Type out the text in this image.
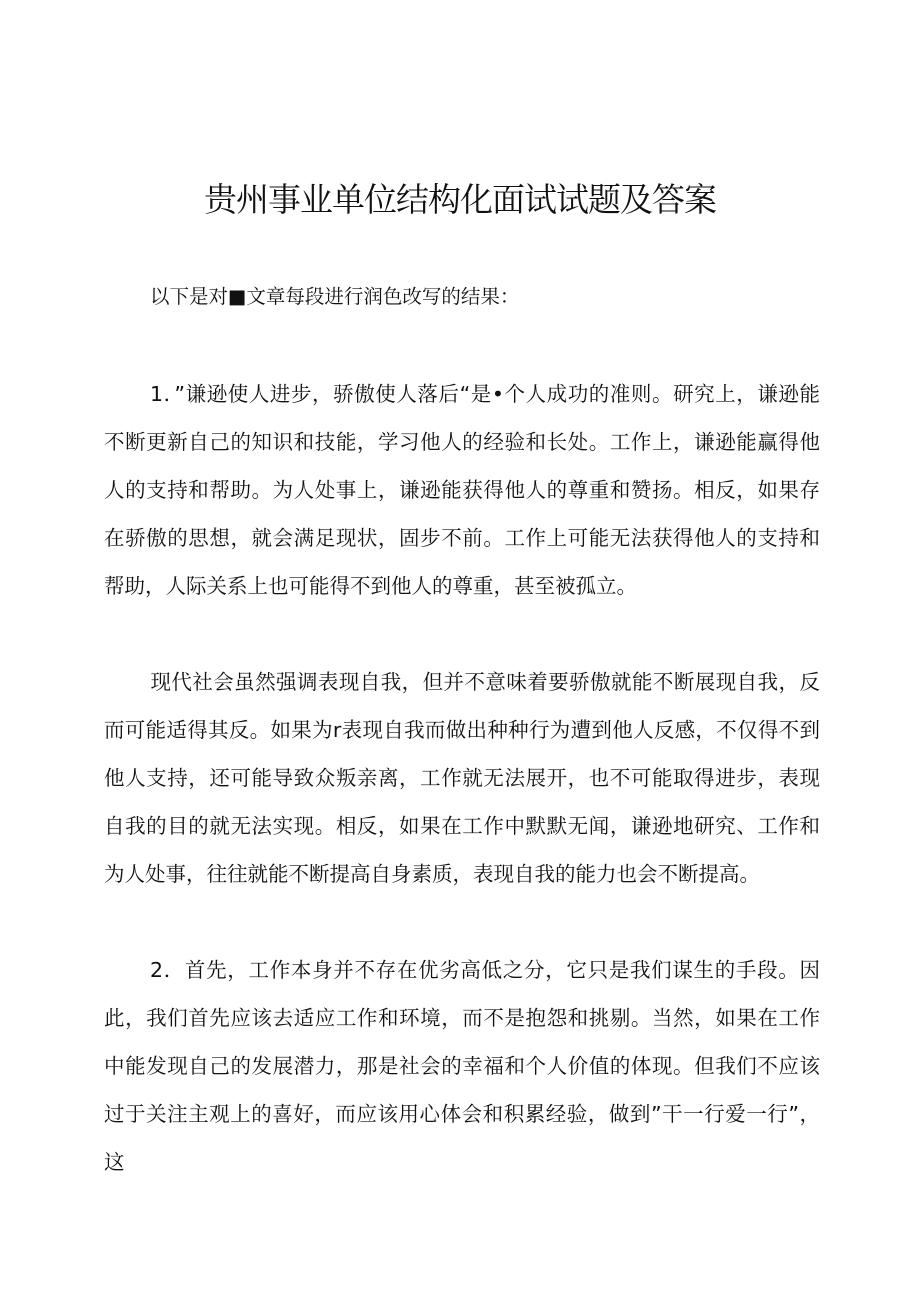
贵州事业单位结构化面试试题及答案

以下是对■文章每段进行润色改写的结果：

1．”谦逊使人进步，骄傲使人落后“是•个人成功的准则。研究上，谦逊能不断更新自己的知识和技能，学习他人的经验和长处。工作上，谦逊能赢得他人的支持和帮助。为人处事上，谦逊能获得他人的尊重和赞扬。相反，如果存在骄傲的思想，就会满足现状，固步不前。工作上可能无法获得他人的支持和帮助，人际关系上也可能得不到他人的尊重，甚至被孤立。

现代社会虽然强调表现自我，但并不意味着要骄傲就能不断展现自我，反而可能适得其反。如果为r表现自我而做出种种行为遭到他人反感，不仅得不到他人支持，还可能导致众叛亲离，工作就无法展开，也不可能取得进步，表现自我的目的就无法实现。相反，如果在工作中默默无闻，谦逊地研究、工作和为人处事，往往就能不断提高自身素质，表现自我的能力也会不断提高。

2．首先，工作本身并不存在优劣高低之分，它只是我们谋生的手段。因此，我们首先应该去适应工作和环境，而不是抱怨和挑剔。当然，如果在工作中能发现自己的发展潜力，那是社会的幸福和个人价值的体现。但我们不应该过于关注主观上的喜好，而应该用心体会和积累经验，做到”干一行爱一行”，这
